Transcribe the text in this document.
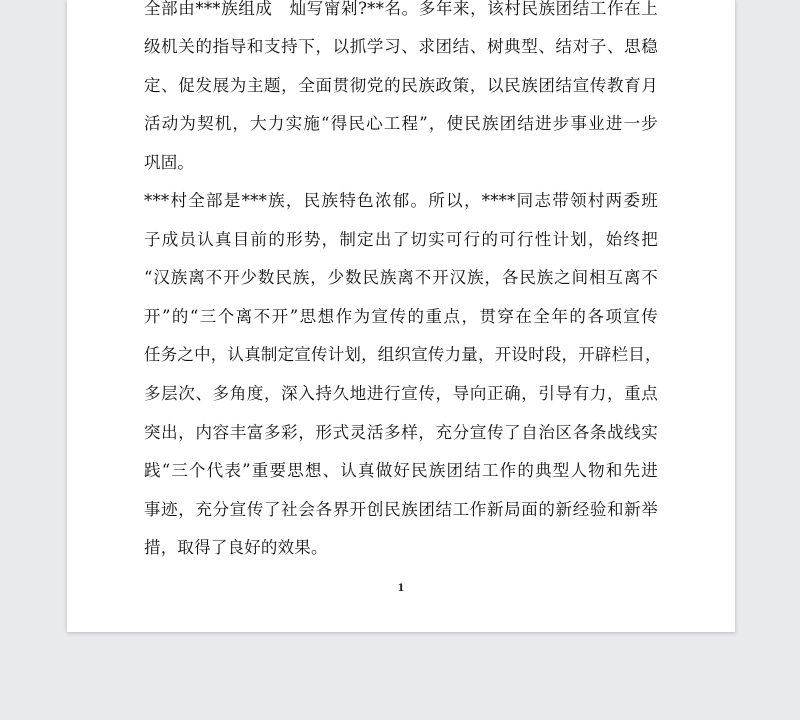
全部由***族组成　灿写甯剁?**名。多年来，该村民族团结工作在上
级机关的指导和支持下，以抓学习、求团结、树典型、结对子、思稳
定、促发展为主题，全面贯彻党的民族政策，以民族团结宣传教育月
活动为契机，大力实施“得民心工程”，使民族团结进步事业进一步
巩固。
***村全部是***族，民族特色浓郁。所以，****同志带领村两委班
子成员认真目前的形势，制定出了切实可行的可行性计划，始终把
“汉族离不开少数民族，少数民族离不开汉族，各民族之间相互离不
开”的“三个离不开”思想作为宣传的重点，贯穿在全年的各项宣传
任务之中，认真制定宣传计划，组织宣传力量，开设时段，开辟栏目，
多层次、多角度，深入持久地进行宣传，导向正确，引导有力，重点
突出，内容丰富多彩，形式灵活多样，充分宣传了自治区各条战线实
践“三个代表”重要思想、认真做好民族团结工作的典型人物和先进
事迹，充分宣传了社会各界开创民族团结工作新局面的新经验和新举
措，取得了良好的效果。
1
